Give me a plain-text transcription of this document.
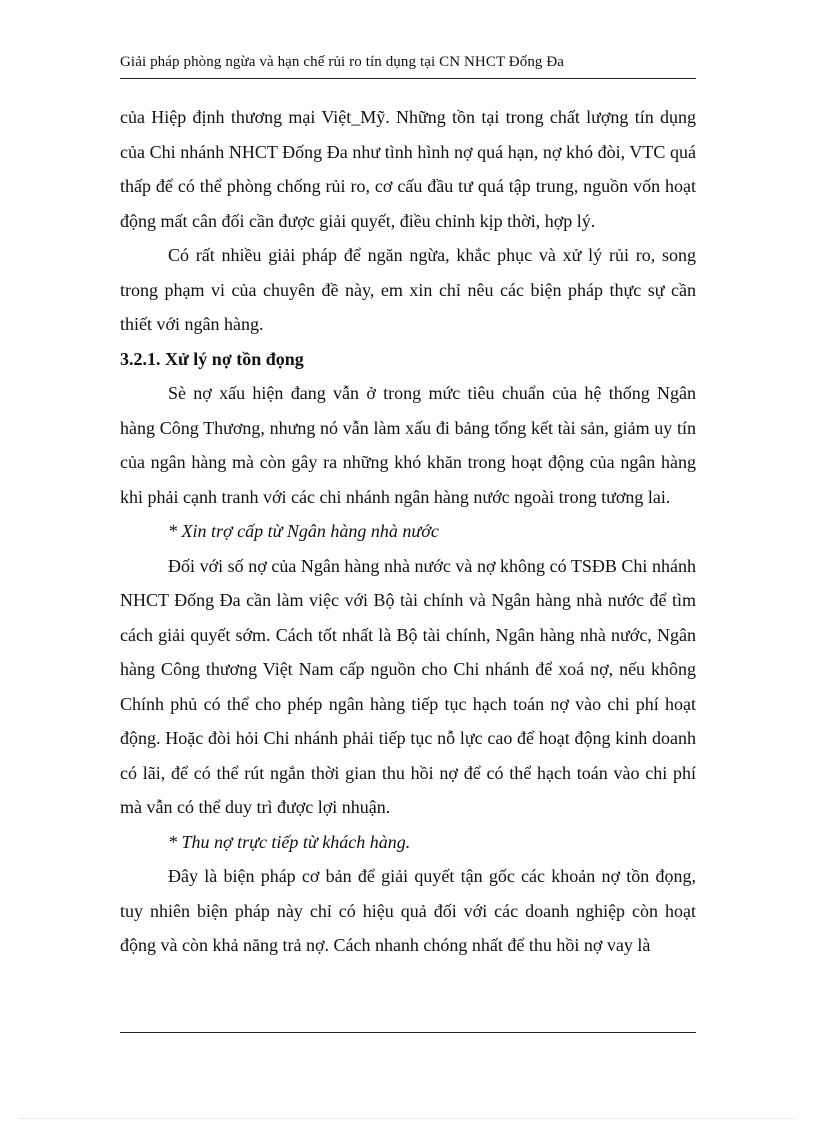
Giải pháp phòng ngừa và hạn chế rủi ro tín dụng tại CN NHCT Đống Đa

của Hiệp định thương mại Việt_Mỹ. Những tồn tại trong chất lượng tín dụng của Chi nhánh NHCT Đống Đa như tình hình nợ quá hạn, nợ khó đòi, VTC quá thấp để có thể phòng chống rủi ro, cơ cấu đầu tư quá tập trung, nguồn vốn hoạt động mất cân đối cần được giải quyết, điều chỉnh kịp thời, hợp lý.

Có rất nhiều giải pháp để ngăn ngừa, khắc phục và xử lý rủi ro, song trong phạm vi của chuyên đề này, em xin chỉ nêu các biện pháp thực sự cần thiết với ngân hàng.

3.2.1. Xử lý nợ tồn đọng

Sè nợ xấu hiện đang vẫn ở trong mức tiêu chuẩn của hệ thống Ngân hàng Công Thương, nhưng nó vẫn làm xấu đi bảng tổng kết tài sản, giảm uy tín của ngân hàng mà còn gây ra những khó khăn trong hoạt động của ngân hàng khi phải cạnh tranh với các chi nhánh ngân hàng nước ngoài trong tương lai.

* Xin trợ cấp từ Ngân hàng nhà nước

Đối với số nợ của Ngân hàng nhà nước và nợ không có TSĐB Chi nhánh NHCT Đống Đa cần làm việc với Bộ tài chính và Ngân hàng nhà nước để tìm cách giải quyết sớm. Cách tốt nhất là Bộ tài chính, Ngân hàng nhà nước, Ngân hàng Công thương Việt Nam cấp nguồn cho Chi nhánh để xoá nợ, nếu không Chính phủ có thể cho phép ngân hàng tiếp tục hạch toán nợ vào chi phí hoạt động. Hoặc đòi hỏi Chi nhánh phải tiếp tục nỗ lực cao để hoạt động kinh doanh có lãi, để có thể rút ngắn thời gian thu hồi nợ để có thể hạch toán vào chi phí mà vẫn có thể duy trì được lợi nhuận.

* Thu nợ trực tiếp từ khách hàng.

Đây là biện pháp cơ bản để giải quyết tận gốc các khoản nợ tồn đọng, tuy nhiên biện pháp này chỉ có hiệu quả đối với các doanh nghiệp còn hoạt động và còn khả năng trả nợ. Cách nhanh chóng nhất để thu hồi nợ vay là
